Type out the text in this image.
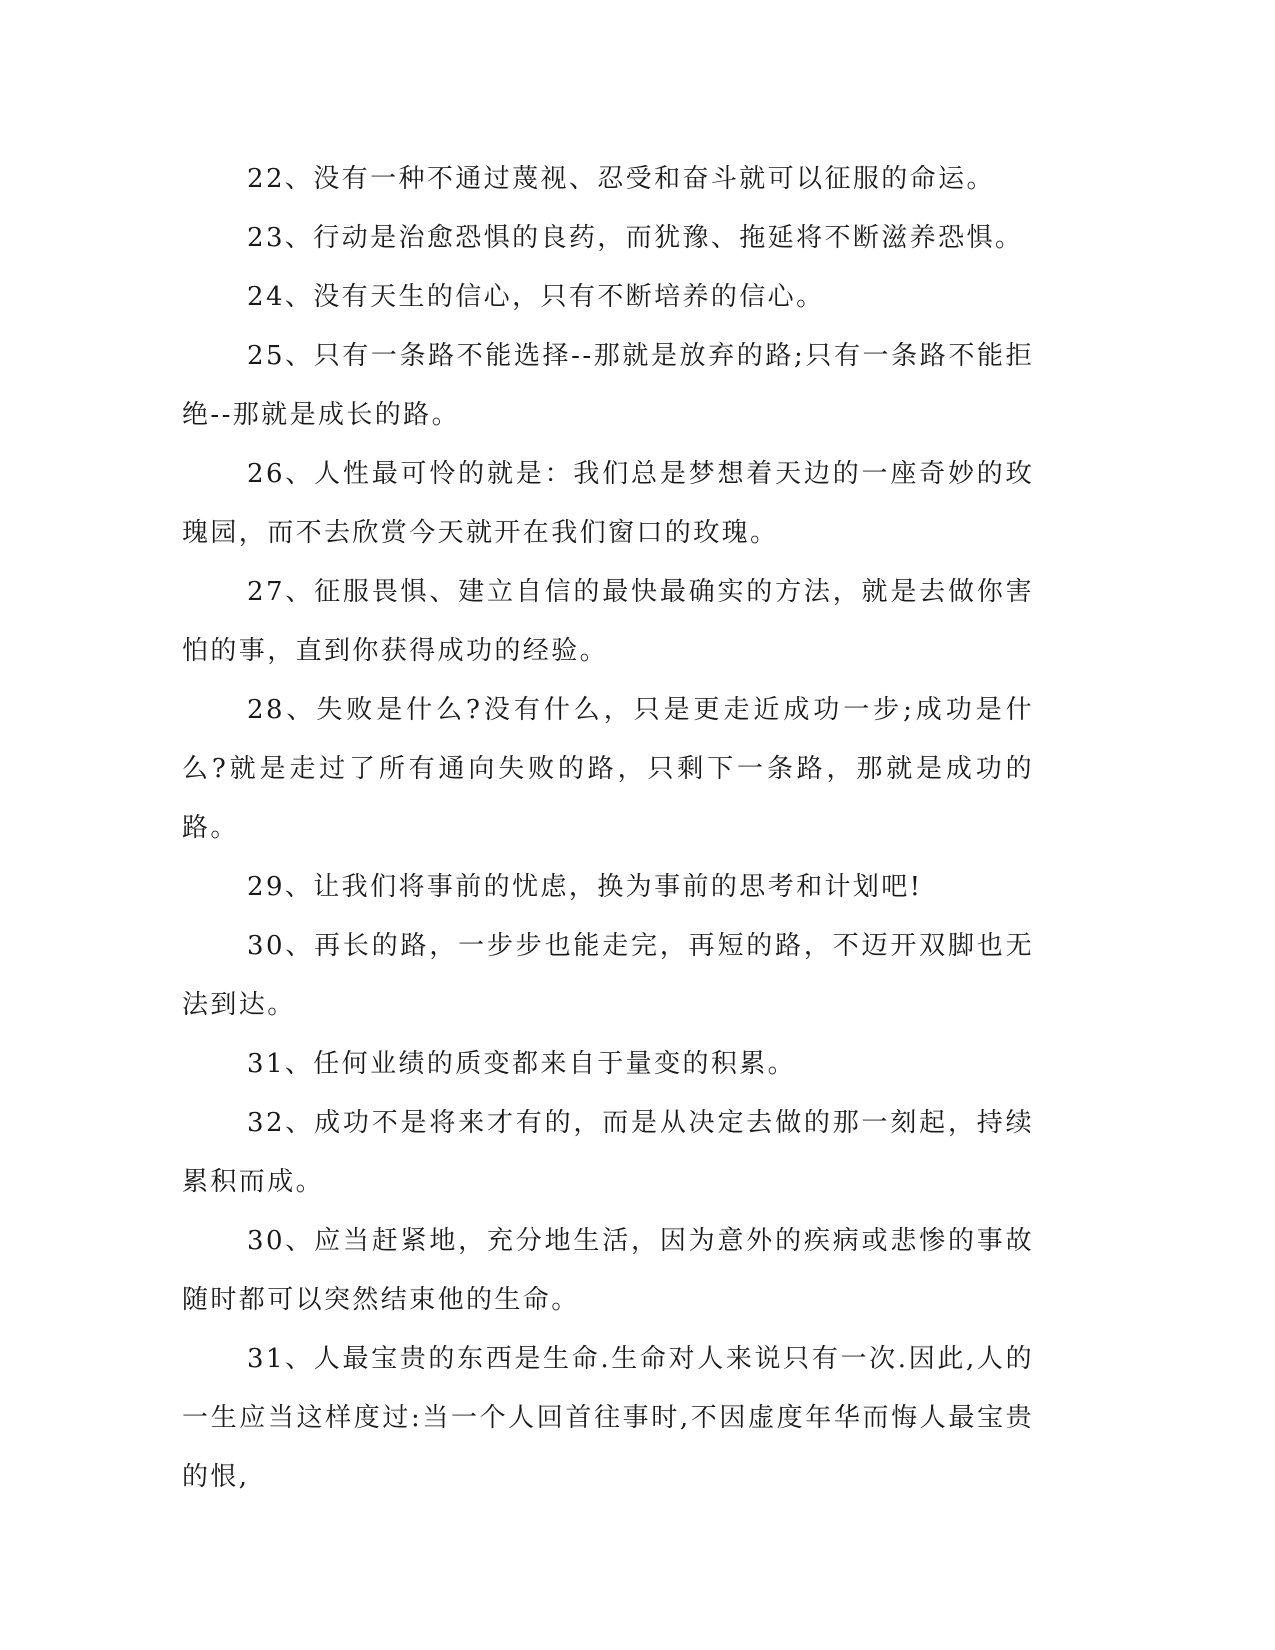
22、没有一种不通过蔑视、忍受和奋斗就可以征服的命运。

23、行动是治愈恐惧的良药，而犹豫、拖延将不断滋养恐惧。

24、没有天生的信心，只有不断培养的信心。

25、只有一条路不能选择--那就是放弃的路;只有一条路不能拒绝--那就是成长的路。

26、人性最可怜的就是：我们总是梦想着天边的一座奇妙的玫瑰园，而不去欣赏今天就开在我们窗口的玫瑰。

27、征服畏惧、建立自信的最快最确实的方法，就是去做你害怕的事，直到你获得成功的经验。

28、失败是什么?没有什么，只是更走近成功一步;成功是什么?就是走过了所有通向失败的路，只剩下一条路，那就是成功的路。

29、让我们将事前的忧虑，换为事前的思考和计划吧!

30、再长的路，一步步也能走完，再短的路，不迈开双脚也无法到达。

31、任何业绩的质变都来自于量变的积累。

32、成功不是将来才有的，而是从决定去做的那一刻起，持续累积而成。

30、应当赶紧地，充分地生活，因为意外的疾病或悲惨的事故随时都可以突然结束他的生命。

31、人最宝贵的东西是生命.生命对人来说只有一次.因此,人的一生应当这样度过:当一个人回首往事时,不因虚度年华而悔人最宝贵的恨,
